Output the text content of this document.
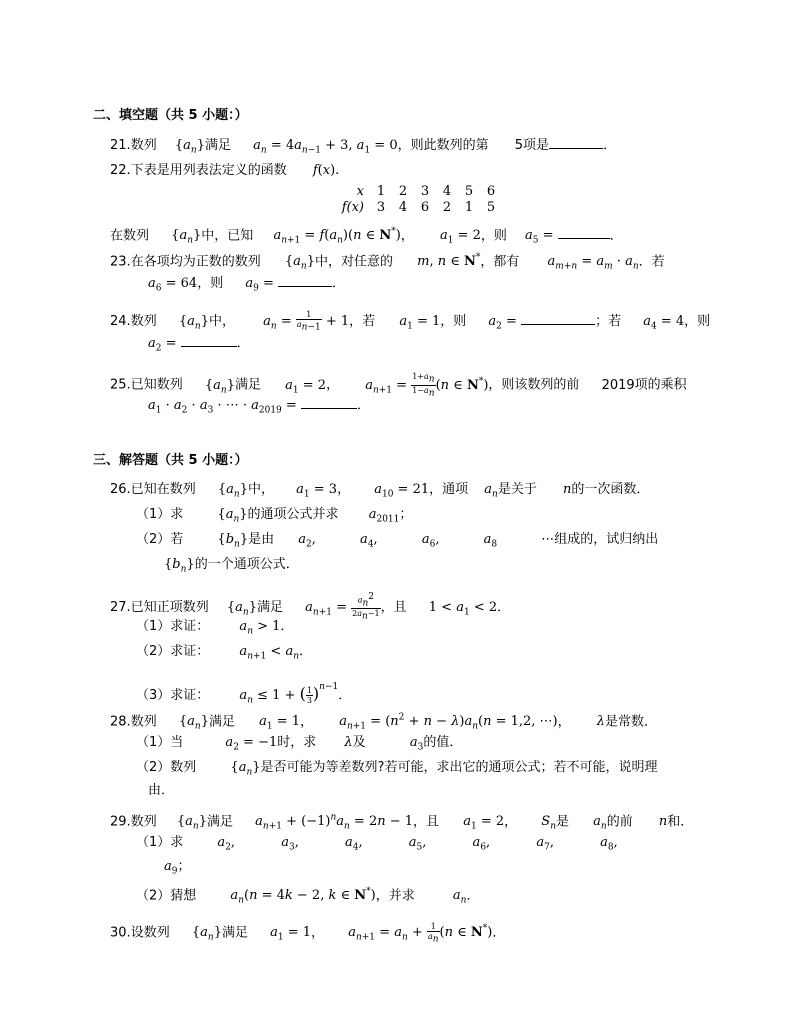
二、填空题（共 5 小题：）
21.数列 $\{a_n\}$满足 $a_n = 4a_{n-1} + 3$, $a_1 = 0$，则此数列的第 5项是	．
22.下表是用列表法定义的函数 f(x).
x	1	2	3	4	5	6
f(x)	3	4	6	2	1	5
在数列 $\{a_n\}$中，已知 $a_{n+1} = f(a_n)(n$ ∈ N*)， $a_1 = 2$，则 $a_5$ =	．
23.在各项均为正数的数列 $\{a_n\}$中，对任意的 m, n ∈ N*，都有 $a_{m+n} = a_m \cdot a_n$．若
$a_6 = 64$，则 $a_9$ =	．
24.数列 $\{a_n\}$中， $a_n = \frac{1}{a_{n-1}} + 1$，若 $a_1 = 1$，则 $a_2$ =	；若 $a_4 = 4$，则
$a_2$ =	．
25.已知数列 $\{a_n\}$满足 $a_1 = 2$， $a_{n+1} = \frac{1+a_n}{1-a_n} (n$ ∈ N*)，则该数列的前 2019项的乘积
$a_1 \cdot a_2 \cdot a_3$ · ⋯ · $a_{2019}$ =	．
三、解答题（共 5 小题：）
26.已知在数列 $\{a_n\}$中， $a_1 = 3$， $a_{10} = 21$，通项 $a_n$是关于 n的一次函数．
（1）求	$\{a_n\}$的通项公式并求 $a_{2011}$；
（2）若	$\{b_n\}$是由 $a_2$,	$a_4$,	$a_6$,	$a_8$	⋯组成的，试归纳出
$\{b_n\}$的一个通项公式．
27.已知正项数列 $\{a_n\}$满足 $a_{n+1} = \frac{a_n^2}{2a_n-1}$ ，且 $1 < a_1 < 2$．
（1）求证： $a_n > 1$．
（2）求证： $a_{n+1} < a_n$．
（3）求证： $a_n \le 1$ + ( $\frac{1}{3} )^{n-1}$．
28.数列 $\{a_n\}$满足 $a_1 = 1$， $a_{n+1} = (n^2 + n - \lambda)a_n(n = 1,2$, ⋯)， λ是常数．
（1）当	$a_2 = -1$时，求 λ及	$a_3$的值．
（2）数列	$\{a_n\}$是否可能为等差数列?若可能，求出它的通项公式；若不可能，说明理
由．
29.数列 $\{a_n\}$满足 $a_{n+1} + (-1)^na_n = 2n - 1$，且 $a_1 = 2$， $S_n$是 $a_n$的前 n和．
（1）求	$a_2$,	$a_3$,	$a_4$,	$a_5$,	$a_6$,	$a_7$,	$a_8$,
$a_9$；
（2）猜想	$a_n(n = 4k - 2$, k ∈ N*)，并求	$a_n$．
30.设数列 $\{a_n\}$满足 $a_1 = 1$， $a_{n+1} = a_n + \frac{1}{a_n} (n$ ∈ N*)．
